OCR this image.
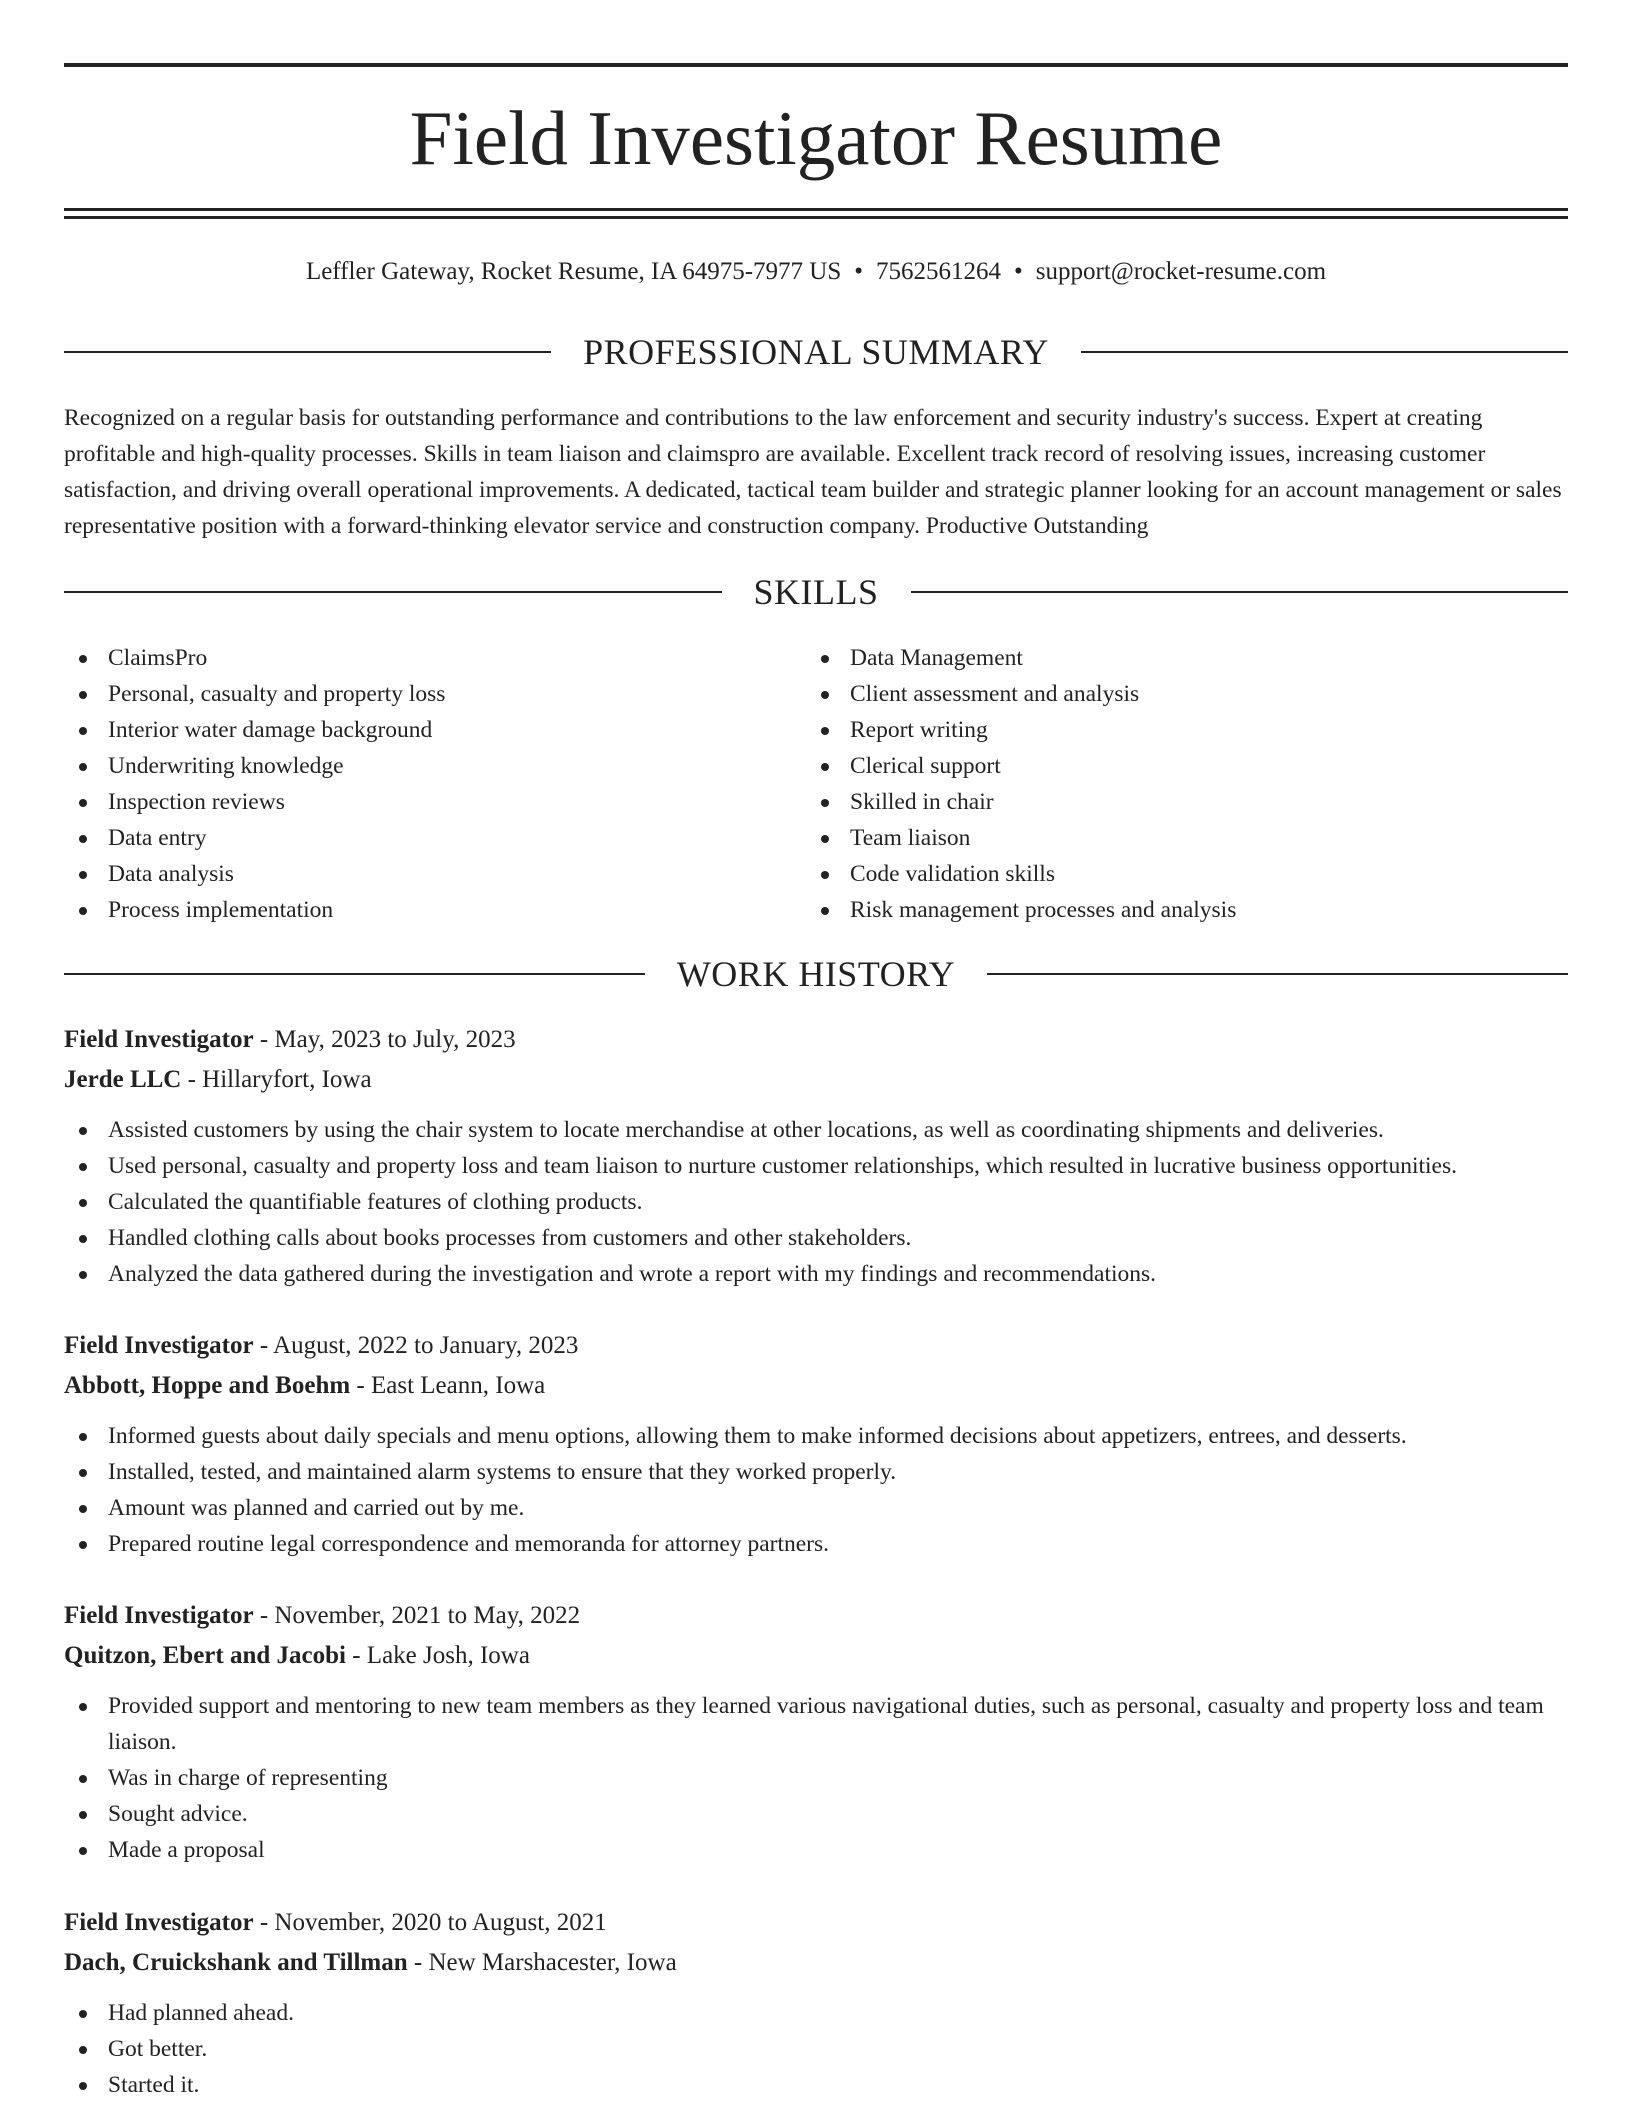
Field Investigator Resume
Leffler Gateway, Rocket Resume, IA 64975-7977 US • 7562561264 • support@rocket-resume.com
PROFESSIONAL SUMMARY

Recognized on a regular basis for outstanding performance and contributions to the law enforcement and security industry's success. Expert at creating profitable and high-quality processes. Skills in team liaison and claimspro are available. Excellent track record of resolving issues, increasing customer satisfaction, and driving overall operational improvements. A dedicated, tactical team builder and strategic planner looking for an account management or sales representative position with a forward-thinking elevator service and construction company. Productive Outstanding

SKILLS
ClaimsPro
Personal, casualty and property loss
Interior water damage background
Underwriting knowledge
Inspection reviews
Data entry
Data analysis
Process implementation
Data Management
Client assessment and analysis
Report writing
Clerical support
Skilled in chair
Team liaison
Code validation skills
Risk management processes and analysis
WORK HISTORY

Field Investigator - May, 2023 to July, 2023

Jerde LLC - Hillaryfort, Iowa

Assisted customers by using the chair system to locate merchandise at other locations, as well as coordinating shipments and deliveries.
Used personal, casualty and property loss and team liaison to nurture customer relationships, which resulted in lucrative business opportunities.
Calculated the quantifiable features of clothing products.
Handled clothing calls about books processes from customers and other stakeholders.
Analyzed the data gathered during the investigation and wrote a report with my findings and recommendations.

Field Investigator - August, 2022 to January, 2023

Abbott, Hoppe and Boehm - East Leann, Iowa

Informed guests about daily specials and menu options, allowing them to make informed decisions about appetizers, entrees, and desserts.
Installed, tested, and maintained alarm systems to ensure that they worked properly.
Amount was planned and carried out by me.
Prepared routine legal correspondence and memoranda for attorney partners.

Field Investigator - November, 2021 to May, 2022

Quitzon, Ebert and Jacobi - Lake Josh, Iowa

Provided support and mentoring to new team members as they learned various navigational duties, such as personal, casualty and property loss and team liaison.
Was in charge of representing
Sought advice.
Made a proposal

Field Investigator - November, 2020 to August, 2021

Dach, Cruickshank and Tillman - New Marshacester, Iowa

Had planned ahead.
Got better.
Started it.
